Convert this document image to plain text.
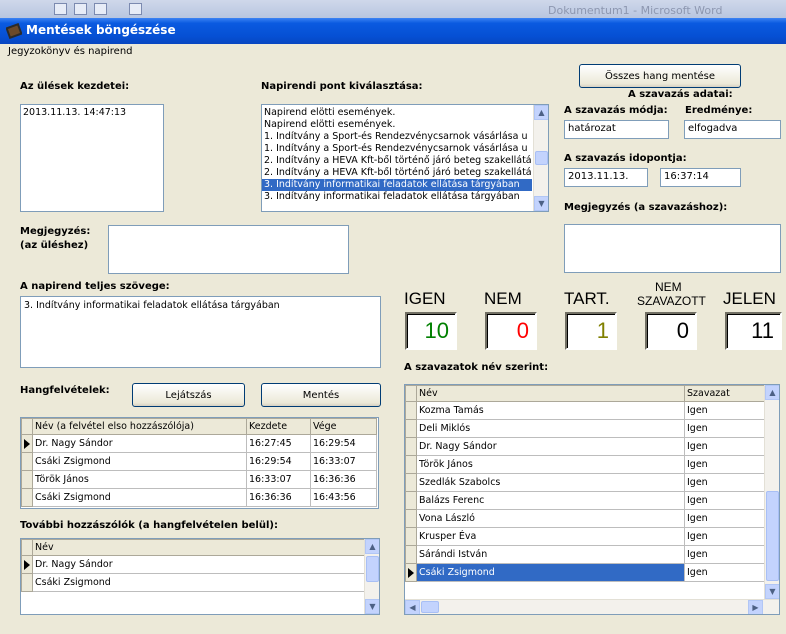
Dokumentum1 - Microsoft Word
Mentések böngészése
Jegyzokönyv és napirend
Az ülések kezdetei:
2013.11.13. 14:47:13
Napirendi pont kiválasztása:
Napirend elötti események.
Napirend elötti események.
1. Indítvány a Sport-és Rendezvénycsarnok vásárlása u
1. Indítvány a Sport-és Rendezvénycsarnok vásárlása u
2. Indítvány a HEVA Kft-ből történő járó beteg szakellátá
2. Indítvány a HEVA Kft-ből történő járó beteg szakellátá
3. Indítvány informatikai feladatok ellátása tárgyában
3. Indítvány informatikai feladatok ellátása tárgyában
▲
▼
Összes hang mentése
A szavazás adatai:
A szavazás módja: Eredménye:
határozat	elfogadva
A szavazás idopontja:
2013.11.13.	16:37:14
Megjegyzés (a szavazáshoz):
Megjegyzés:
(az üléshez)
A napirend teljes szövege:
3. Indítvány informatikai feladatok ellátása tárgyában	IGEN NEM TART.
NEM
SZAVAZOTT JELEN
10	0	1	0	11
Hangfelvételek:	Lejátszás	Mentés
	Név (a felvétel elso hozzászólója)	Kezdete	Vége

	Dr. Nagy Sándor	16:27:45	16:29:54
	Csáki Zsigmond	16:29:54	16:33:07
	Török János	16:33:07	16:36:36
	Csáki Zsigmond	16:36:36	16:43:56
További hozzászólók (a hangfelvételen belül):
	Név

	Dr. Nagy Sándor
	Csáki Zsigmond
▲
▼
A szavazatok név szerint:
	Név	Szavazat
	Kozma Tamás	Igen
	Deli Miklós	Igen
	Dr. Nagy Sándor	Igen
	Török János	Igen
	Szedlák Szabolcs	Igen
	Balázs Ferenc	Igen
	Vona László	Igen
	Krusper Éva	Igen
	Sárándi István	Igen

	Csáki Zsigmond	Igen
▲
▼
◀	▶
